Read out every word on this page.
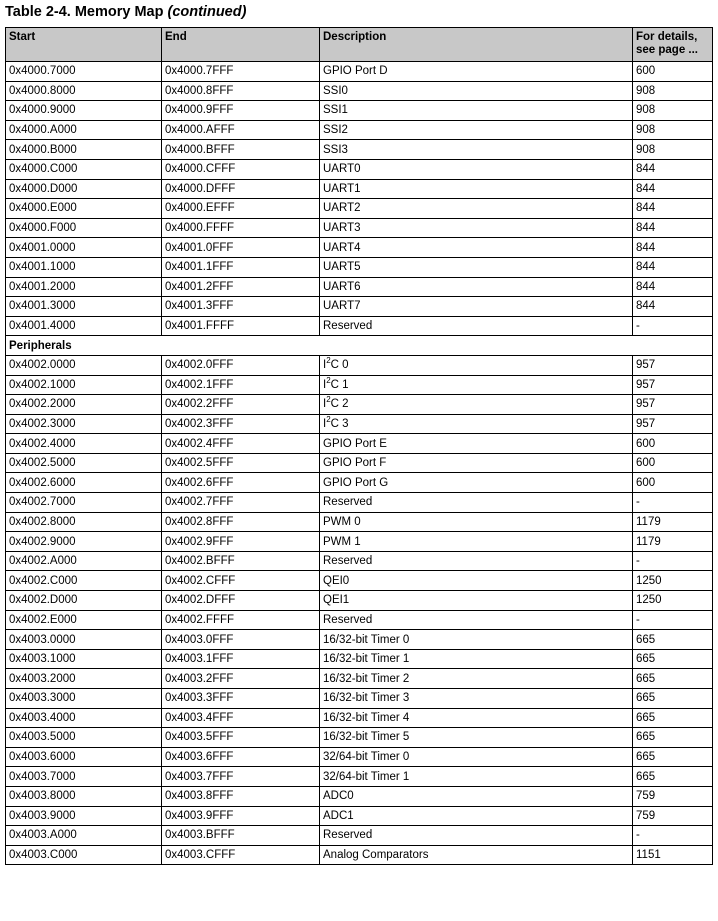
Table 2-4. Memory Map (continued)
Start	End	Description	For details, see page ...
0x4000.7000	0x4000.7FFF	GPIO Port D	600
0x4000.8000	0x4000.8FFF	SSI0	908
0x4000.9000	0x4000.9FFF	SSI1	908
0x4000.A000	0x4000.AFFF	SSI2	908
0x4000.B000	0x4000.BFFF	SSI3	908
0x4000.C000	0x4000.CFFF	UART0	844
0x4000.D000	0x4000.DFFF	UART1	844
0x4000.E000	0x4000.EFFF	UART2	844
0x4000.F000	0x4000.FFFF	UART3	844
0x4001.0000	0x4001.0FFF	UART4	844
0x4001.1000	0x4001.1FFF	UART5	844
0x4001.2000	0x4001.2FFF	UART6	844
0x4001.3000	0x4001.3FFF	UART7	844
0x4001.4000	0x4001.FFFF	Reserved	-
Peripherals			
0x4002.0000	0x4002.0FFF	$I^2C$ 0	957
0x4002.1000	0x4002.1FFF	$I^2C$ 1	957
0x4002.2000	0x4002.2FFF	$I^2C$ 2	957
0x4002.3000	0x4002.3FFF	$I^2C$ 3	957
0x4002.4000	0x4002.4FFF	GPIO Port E	600
0x4002.5000	0x4002.5FFF	GPIO Port F	600
0x4002.6000	0x4002.6FFF	GPIO Port G	600
0x4002.7000	0x4002.7FFF	Reserved	-
0x4002.8000	0x4002.8FFF	PWM 0	1179
0x4002.9000	0x4002.9FFF	PWM 1	1179
0x4002.A000	0x4002.BFFF	Reserved	-
0x4002.C000	0x4002.CFFF	QEI0	1250
0x4002.D000	0x4002.DFFF	QEI1	1250
0x4002.E000	0x4002.FFFF	Reserved	-
0x4003.0000	0x4003.0FFF	16/32-bit Timer 0	665
0x4003.1000	0x4003.1FFF	16/32-bit Timer 1	665
0x4003.2000	0x4003.2FFF	16/32-bit Timer 2	665
0x4003.3000	0x4003.3FFF	16/32-bit Timer 3	665
0x4003.4000	0x4003.4FFF	16/32-bit Timer 4	665
0x4003.5000	0x4003.5FFF	16/32-bit Timer 5	665
0x4003.6000	0x4003.6FFF	32/64-bit Timer 0	665
0x4003.7000	0x4003.7FFF	32/64-bit Timer 1	665
0x4003.8000	0x4003.8FFF	ADC0	759
0x4003.9000	0x4003.9FFF	ADC1	759
0x4003.A000	0x4003.BFFF	Reserved	-
0x4003.C000	0x4003.CFFF	Analog Comparators	1151
